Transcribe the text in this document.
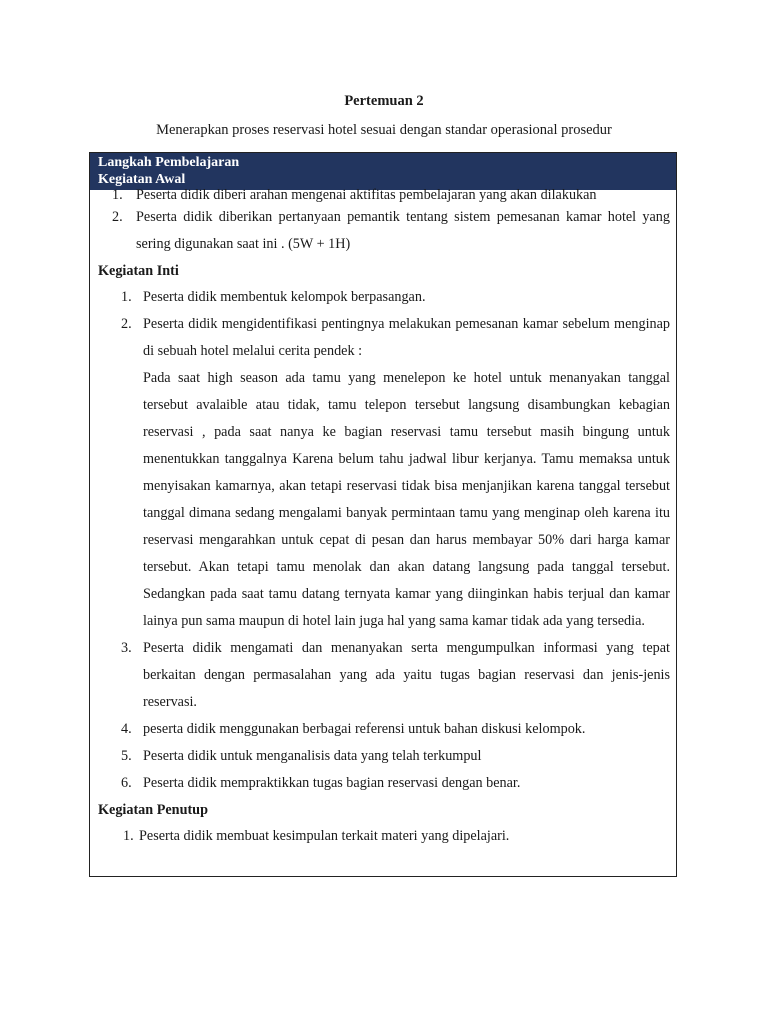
Pertemuan 2
Menerapkan proses reservasi hotel sesuai dengan standar operasional prosedur
Langkah Pembelajaran
Kegiatan Awal
1. Peserta didik diberi arahan mengenai aktifitas pembelajaran yang akan dilakukan
2. Peserta didik diberikan pertanyaan pemantik tentang sistem pemesanan kamar hotel yang sering digunakan saat ini . (5W + 1H)
Kegiatan Inti
1. Peserta didik membentuk kelompok berpasangan.
2. Peserta didik mengidentifikasi pentingnya melakukan pemesanan kamar sebelum menginap di sebuah hotel melalui cerita pendek :
Pada saat high season ada tamu yang menelepon ke hotel untuk menanyakan tanggal tersebut avalaible atau tidak, tamu telepon tersebut langsung disambungkan kebagian reservasi , pada saat nanya ke bagian reservasi tamu tersebut masih bingung untuk menentukkan tanggalnya Karena belum tahu jadwal libur kerjanya. Tamu memaksa untuk menyisakan kamarnya, akan tetapi reservasi tidak bisa menjanjikan karena tanggal tersebut tanggal dimana sedang mengalami banyak permintaan tamu yang menginap oleh karena itu reservasi mengarahkan untuk cepat di pesan dan harus membayar 50% dari harga kamar tersebut. Akan tetapi tamu menolak dan akan datang langsung pada tanggal tersebut. Sedangkan pada saat tamu datang ternyata kamar yang diinginkan habis terjual dan kamar lainya pun sama maupun di hotel lain juga hal yang sama kamar tidak ada yang tersedia.
3. Peserta didik mengamati dan menanyakan serta mengumpulkan informasi yang tepat berkaitan dengan permasalahan yang ada yaitu tugas bagian reservasi dan jenis-jenis reservasi.
4. peserta didik menggunakan berbagai referensi untuk bahan diskusi kelompok.
5. Peserta didik untuk menganalisis data yang telah terkumpul
6. Peserta didik mempraktikkan tugas bagian reservasi dengan benar.
Kegiatan Penutup
1. Peserta didik membuat kesimpulan terkait materi yang dipelajari.
